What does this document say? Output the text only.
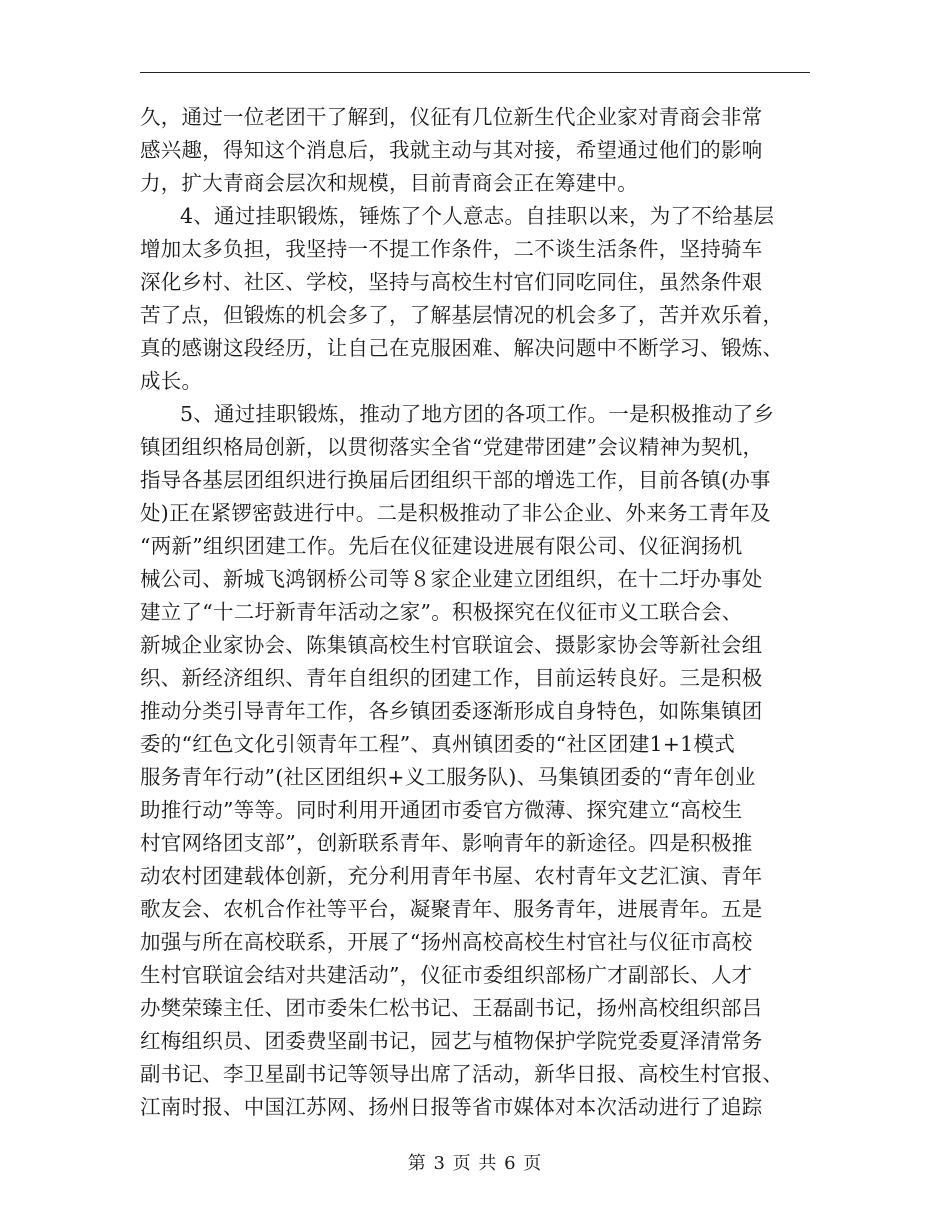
久，通过一位老团干了解到，仪征有几位新生代企业家对青商会非常
感兴趣，得知这个消息后，我就主动与其对接，希望通过他们的影响
力，扩大青商会层次和规模，目前青商会正在筹建中。
4、通过挂职锻炼，锤炼了个人意志。自挂职以来，为了不给基层
增加太多负担，我坚持一不提工作条件，二不谈生活条件，坚持骑车
深化乡村、社区、学校，坚持与高校生村官们同吃同住，虽然条件艰
苦了点，但锻炼的机会多了，了解基层情况的机会多了，苦并欢乐着，
真的感谢这段经历，让自己在克服困难、解决问题中不断学习、锻炼、
成长。
5、通过挂职锻炼，推动了地方团的各项工作。一是积极推动了乡
镇团组织格局创新，以贯彻落实全省“党建带团建”会议精神为契机，
指导各基层团组织进行换届后团组织干部的增选工作，目前各镇(办事
处)正在紧锣密鼓进行中。二是积极推动了非公企业、外来务工青年及
“两新”组织团建工作。先后在仪征建设进展有限公司、仪征润扬机
械公司、新城飞鸿钢桥公司等８家企业建立团组织，在十二圩办事处
建立了“十二圩新青年活动之家”。积极探究在仪征市义工联合会、
新城企业家协会、陈集镇高校生村官联谊会、摄影家协会等新社会组
织、新经济组织、青年自组织的团建工作，目前运转良好。三是积极
推动分类引导青年工作，各乡镇团委逐渐形成自身特色，如陈集镇团
委的“红色文化引领青年工程”、真州镇团委的“社区团建1+1模式
服务青年行动”(社区团组织+义工服务队)、马集镇团委的“青年创业
助推行动”等等。同时利用开通团市委官方微薄、探究建立“高校生
村官网络团支部”，创新联系青年、影响青年的新途径。四是积极推
动农村团建载体创新，充分利用青年书屋、农村青年文艺汇演、青年
歌友会、农机合作社等平台，凝聚青年、服务青年，进展青年。五是
加强与所在高校联系，开展了“扬州高校高校生村官社与仪征市高校
生村官联谊会结对共建活动”，仪征市委组织部杨广才副部长、人才
办樊荣臻主任、团市委朱仁松书记、王磊副书记，扬州高校组织部吕
红梅组织员、团委费坚副书记，园艺与植物保护学院党委夏泽清常务
副书记、李卫星副书记等领导出席了活动，新华日报、高校生村官报、
江南时报、中国江苏网、扬州日报等省市媒体对本次活动进行了追踪
第 3 页 共 6 页
